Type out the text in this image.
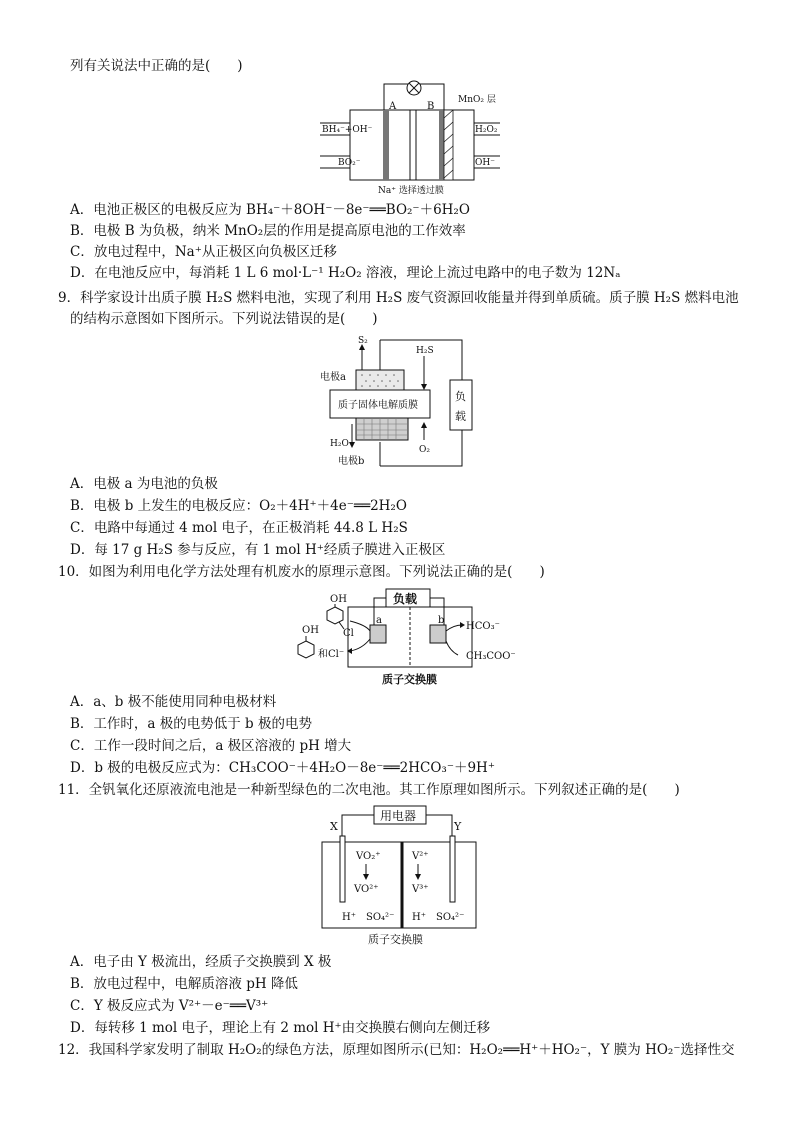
列有关说法中正确的是(　　)
A	B
MnO₂ 层
BH₄⁻+OH⁻
BO₂⁻
H₂O₂
OH⁻
Na⁺ 选择透过膜
A．电池正极区的电极反应为 BH₄⁻＋8OH⁻－8e⁻══BO₂⁻＋6H₂O
B．电极 B 为负极，纳米 MnO₂层的作用是提高原电池的工作效率
C．放电过程中，Na⁺从正极区向负极区迁移
D．在电池反应中，每消耗 1 L 6 mol·L⁻¹ H₂O₂ 溶液，理论上流过电路中的电子数为 12Nₐ
9．科学家设计出质子膜 H₂S 燃料电池，实现了利用 H₂S 废气资源回收能量并得到单质硫。质子膜 H₂S 燃料电池
的结构示意图如下图所示。下列说法错误的是(　　)
负
载
质子固体电解质膜
S₂
H₂S
电极a
H₂O
O₂
电极b
A．电极 a 为电池的负极
B．电极 b 上发生的电极反应：O₂＋4H⁺＋4e⁻══2H₂O
C．电路中每通过 4 mol 电子，在正极消耗 44.8 L H₂S
D．每 17 g H₂S 参与反应，有 1 mol H⁺经质子膜进入正极区
10．如图为利用电化学方法处理有机废水的原理示意图。下列说法正确的是(　　)
负载
a	b
OH
Cl
OH
和Cl⁻
HCO₃⁻
CH₃COO⁻
质子交换膜
A．a、b 极不能使用同种电极材料
B．工作时，a 极的电势低于 b 极的电势
C．工作一段时间之后，a 极区溶液的 pH 增大
D．b 极的电极反应式为：CH₃COO⁻＋4H₂O－8e⁻══2HCO₃⁻＋9H⁺
11．全钒氧化还原液流电池是一种新型绿色的二次电池。其工作原理如图所示。下列叙述正确的是(　　)
用电器
X	Y
VO₂⁺
VO²⁺
V²⁺
V³⁺
H⁺ SO₄²⁻ H⁺ SO₄²⁻
质子交换膜
A．电子由 Y 极流出，经质子交换膜到 X 极
B．放电过程中，电解质溶液 pH 降低
C．Y 极反应式为 V²⁺－e⁻══V³⁺
D．每转移 1 mol 电子，理论上有 2 mol H⁺由交换膜右侧向左侧迁移
12．我国科学家发明了制取 H₂O₂的绿色方法，原理如图所示(已知：H₂O₂══H⁺＋HO₂⁻，Y 膜为 HO₂⁻选择性交
